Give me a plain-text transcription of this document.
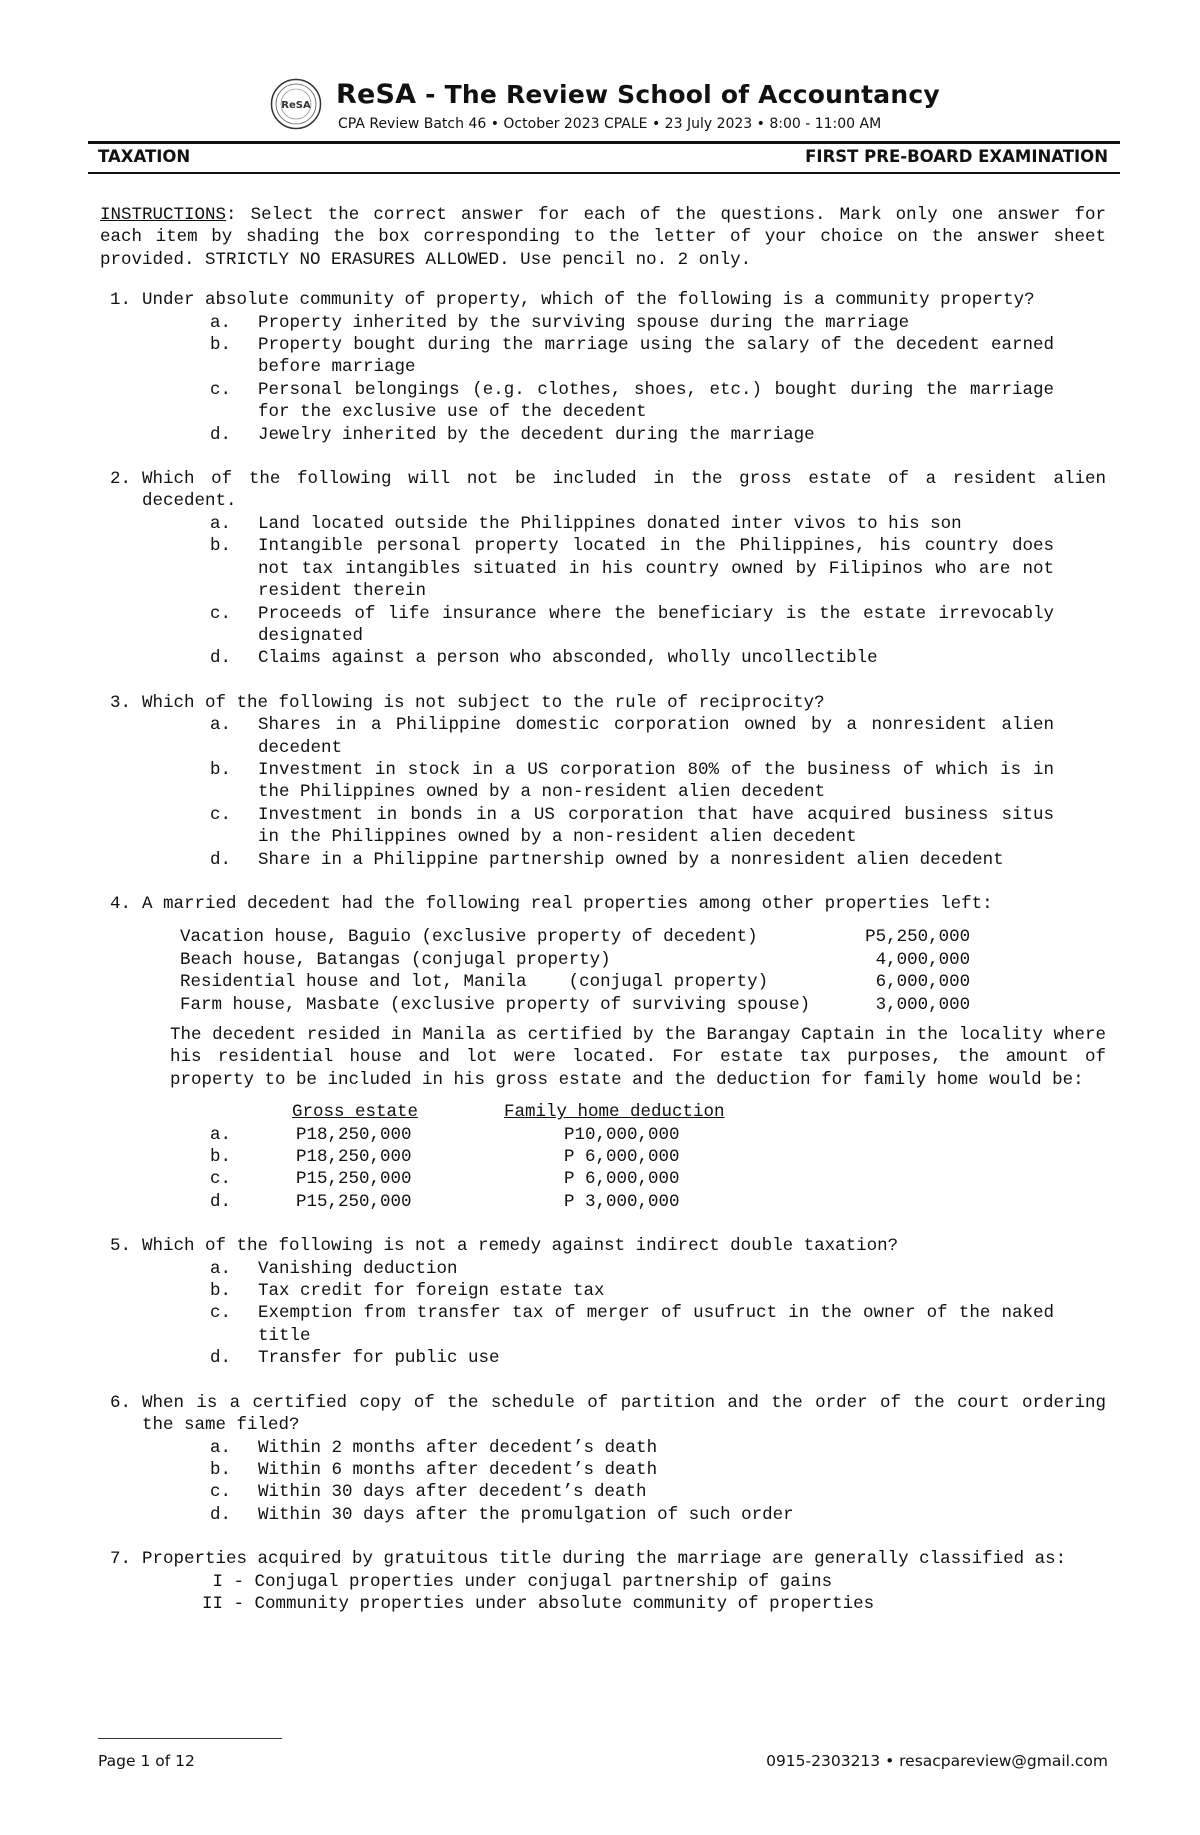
ReSA ReSA - The Review School of Accountancy
CPA Review Batch 46 • October 2023 CPALE • 23 July 2023 • 8:00 - 11:00 AM
TAXATION	FIRST PRE-BOARD EXAMINATION

INSTRUCTIONS: Select the correct answer for each of the questions. Mark only one answer for each item by shading the box corresponding to the letter of your choice on the answer sheet provided. STRICTLY NO ERASURES ALLOWED. Use pencil no. 2 only.

1. Under absolute community of property, which of the following is a community property?

a.	Property inherited by the surviving spouse during the marriage
b.	Property bought during the marriage using the salary of the decedent earned before marriage
c.	Personal belongings (e.g. clothes, shoes, etc.) bought during the marriage for the exclusive use of the decedent
d.	Jewelry inherited by the decedent during the marriage
2. Which of the following will not be included in the gross estate of a resident alien decedent.

a.	Land located outside the Philippines donated inter vivos to his son
b.	Intangible personal property located in the Philippines, his country does not tax intangibles situated in his country owned by Filipinos who are not resident therein
c.	Proceeds of life insurance where the beneficiary is the estate irrevocably designated
d.	Claims against a person who absconded, wholly uncollectible
3. Which of the following is not subject to the rule of reciprocity?

a.	Shares in a Philippine domestic corporation owned by a nonresident alien decedent
b.	Investment in stock in a US corporation 80% of the business of which is in the Philippines owned by a non-resident alien decedent
c.	Investment in bonds in a US corporation that have acquired business situs in the Philippines owned by a non-resident alien decedent
d.	Share in a Philippine partnership owned by a nonresident alien decedent
4. A married decedent had the following real properties among other properties left:

Vacation house, Baguio (exclusive property of decedent)	P5,250,000
Beach house, Batangas (conjugal property)	4,000,000
Residential house and lot, Manila    (conjugal property)	6,000,000
Farm house, Masbate (exclusive property of surviving spouse)	3,000,000

The decedent resided in Manila as certified by the Barangay Captain in the locality where his residential house and lot were located. For estate tax purposes, the amount of property to be included in his gross estate and the deduction for family home would be:

	Gross estate	Family home deduction
a.	P18,250,000	P10,000,000
b.	P18,250,000	P 6,000,000
c.	P15,250,000	P 6,000,000
d.	P15,250,000	P 3,000,000
5. Which of the following is not a remedy against indirect double taxation?

a.	Vanishing deduction
b.	Tax credit for foreign estate tax
c.	Exemption from transfer tax of merger of usufruct in the owner of the naked title
d.	Transfer for public use
6. When is a certified copy of the schedule of partition and the order of the court ordering the same filed?

a.	Within 2 months after decedent’s death
b.	Within 6 months after decedent’s death
c.	Within 30 days after decedent’s death
d.	Within 30 days after the promulgation of such order
7. Properties acquired by gratuitous title during the marriage are generally classified as:

I - Conjugal properties under conjugal partnership of gains

II - Community properties under absolute community of properties

Page 1 of 12	0915-2303213 • resacpareview@gmail.com
